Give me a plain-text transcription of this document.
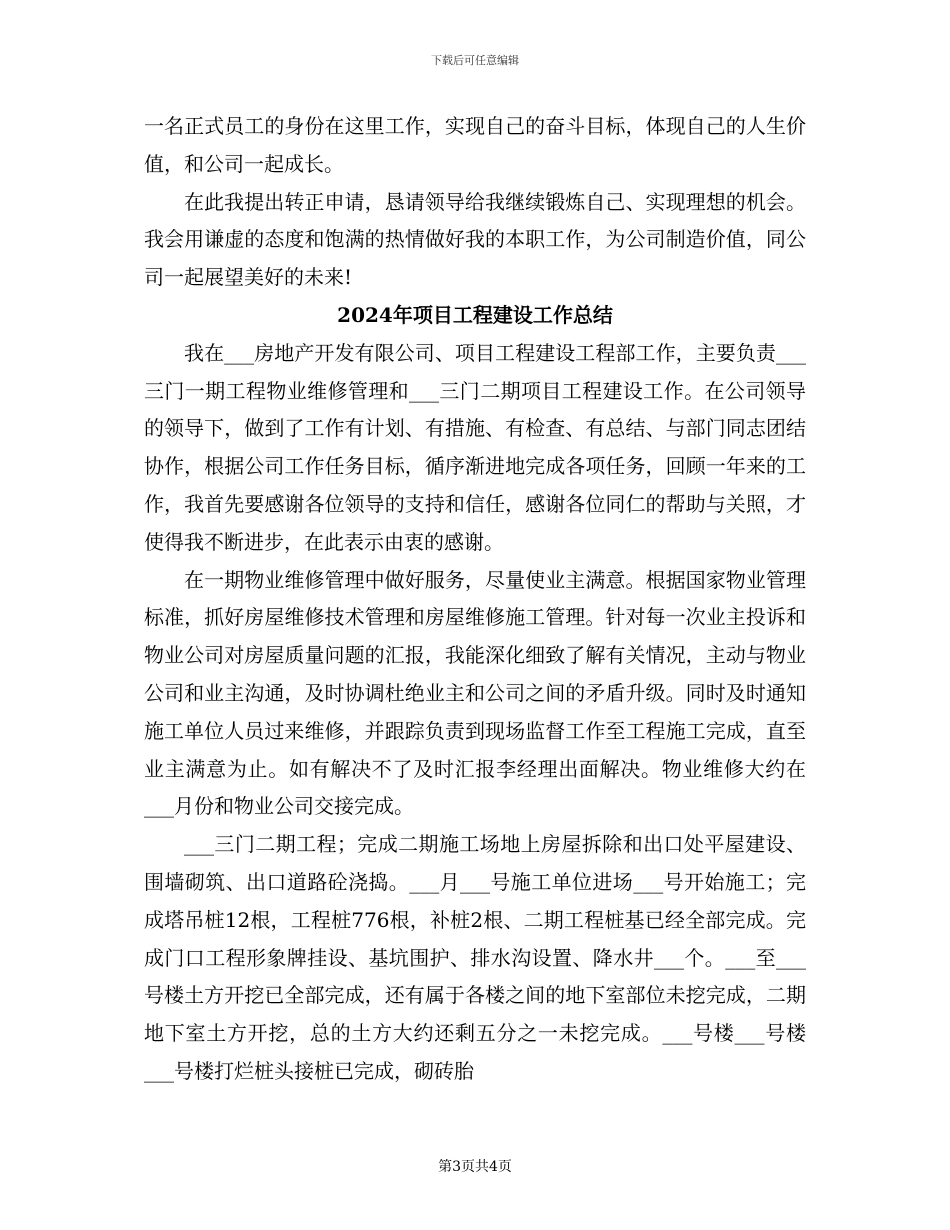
下载后可任意编辑

一名正式员工的身份在这里工作，实现自己的奋斗目标，体现自己的人生价值，和公司一起成长。

在此我提出转正申请，恳请领导给我继续锻炼自己、实现理想的机会。我会用谦虚的态度和饱满的热情做好我的本职工作，为公司制造价值，同公司一起展望美好的未来!

2024年项目工程建设工作总结

我在___房地产开发有限公司、项目工程建设工程部工作，主要负责___三门一期工程物业维修管理和___三门二期项目工程建设工作。在公司领导的领导下，做到了工作有计划、有措施、有检查、有总结、与部门同志团结协作，根据公司工作任务目标，循序渐进地完成各项任务，回顾一年来的工作，我首先要感谢各位领导的支持和信任，感谢各位同仁的帮助与关照，才使得我不断进步，在此表示由衷的感谢。

在一期物业维修管理中做好服务，尽量使业主满意。根据国家物业管理标准，抓好房屋维修技术管理和房屋维修施工管理。针对每一次业主投诉和物业公司对房屋质量问题的汇报，我能深化细致了解有关情况，主动与物业公司和业主沟通，及时协调杜绝业主和公司之间的矛盾升级。同时及时通知施工单位人员过来维修，并跟踪负责到现场监督工作至工程施工完成，直至业主满意为止。如有解决不了及时汇报李经理出面解决。物业维修大约在___月份和物业公司交接完成。

___三门二期工程；完成二期施工场地上房屋拆除和出口处平屋建设、围墙砌筑、出口道路砼浇捣。___月___号施工单位进场___号开始施工；完成塔吊桩12根，工程桩776根，补桩2根、二期工程桩基已经全部完成。完成门口工程形象牌挂设、基坑围护、排水沟设置、降水井___个。___至___号楼土方开挖已全部完成，还有属于各楼之间的地下室部位未挖完成，二期地下室土方开挖，总的土方大约还剩五分之一未挖完成。___号楼___号楼___号楼打烂桩头接桩已完成，砌砖胎

第3页共4页
